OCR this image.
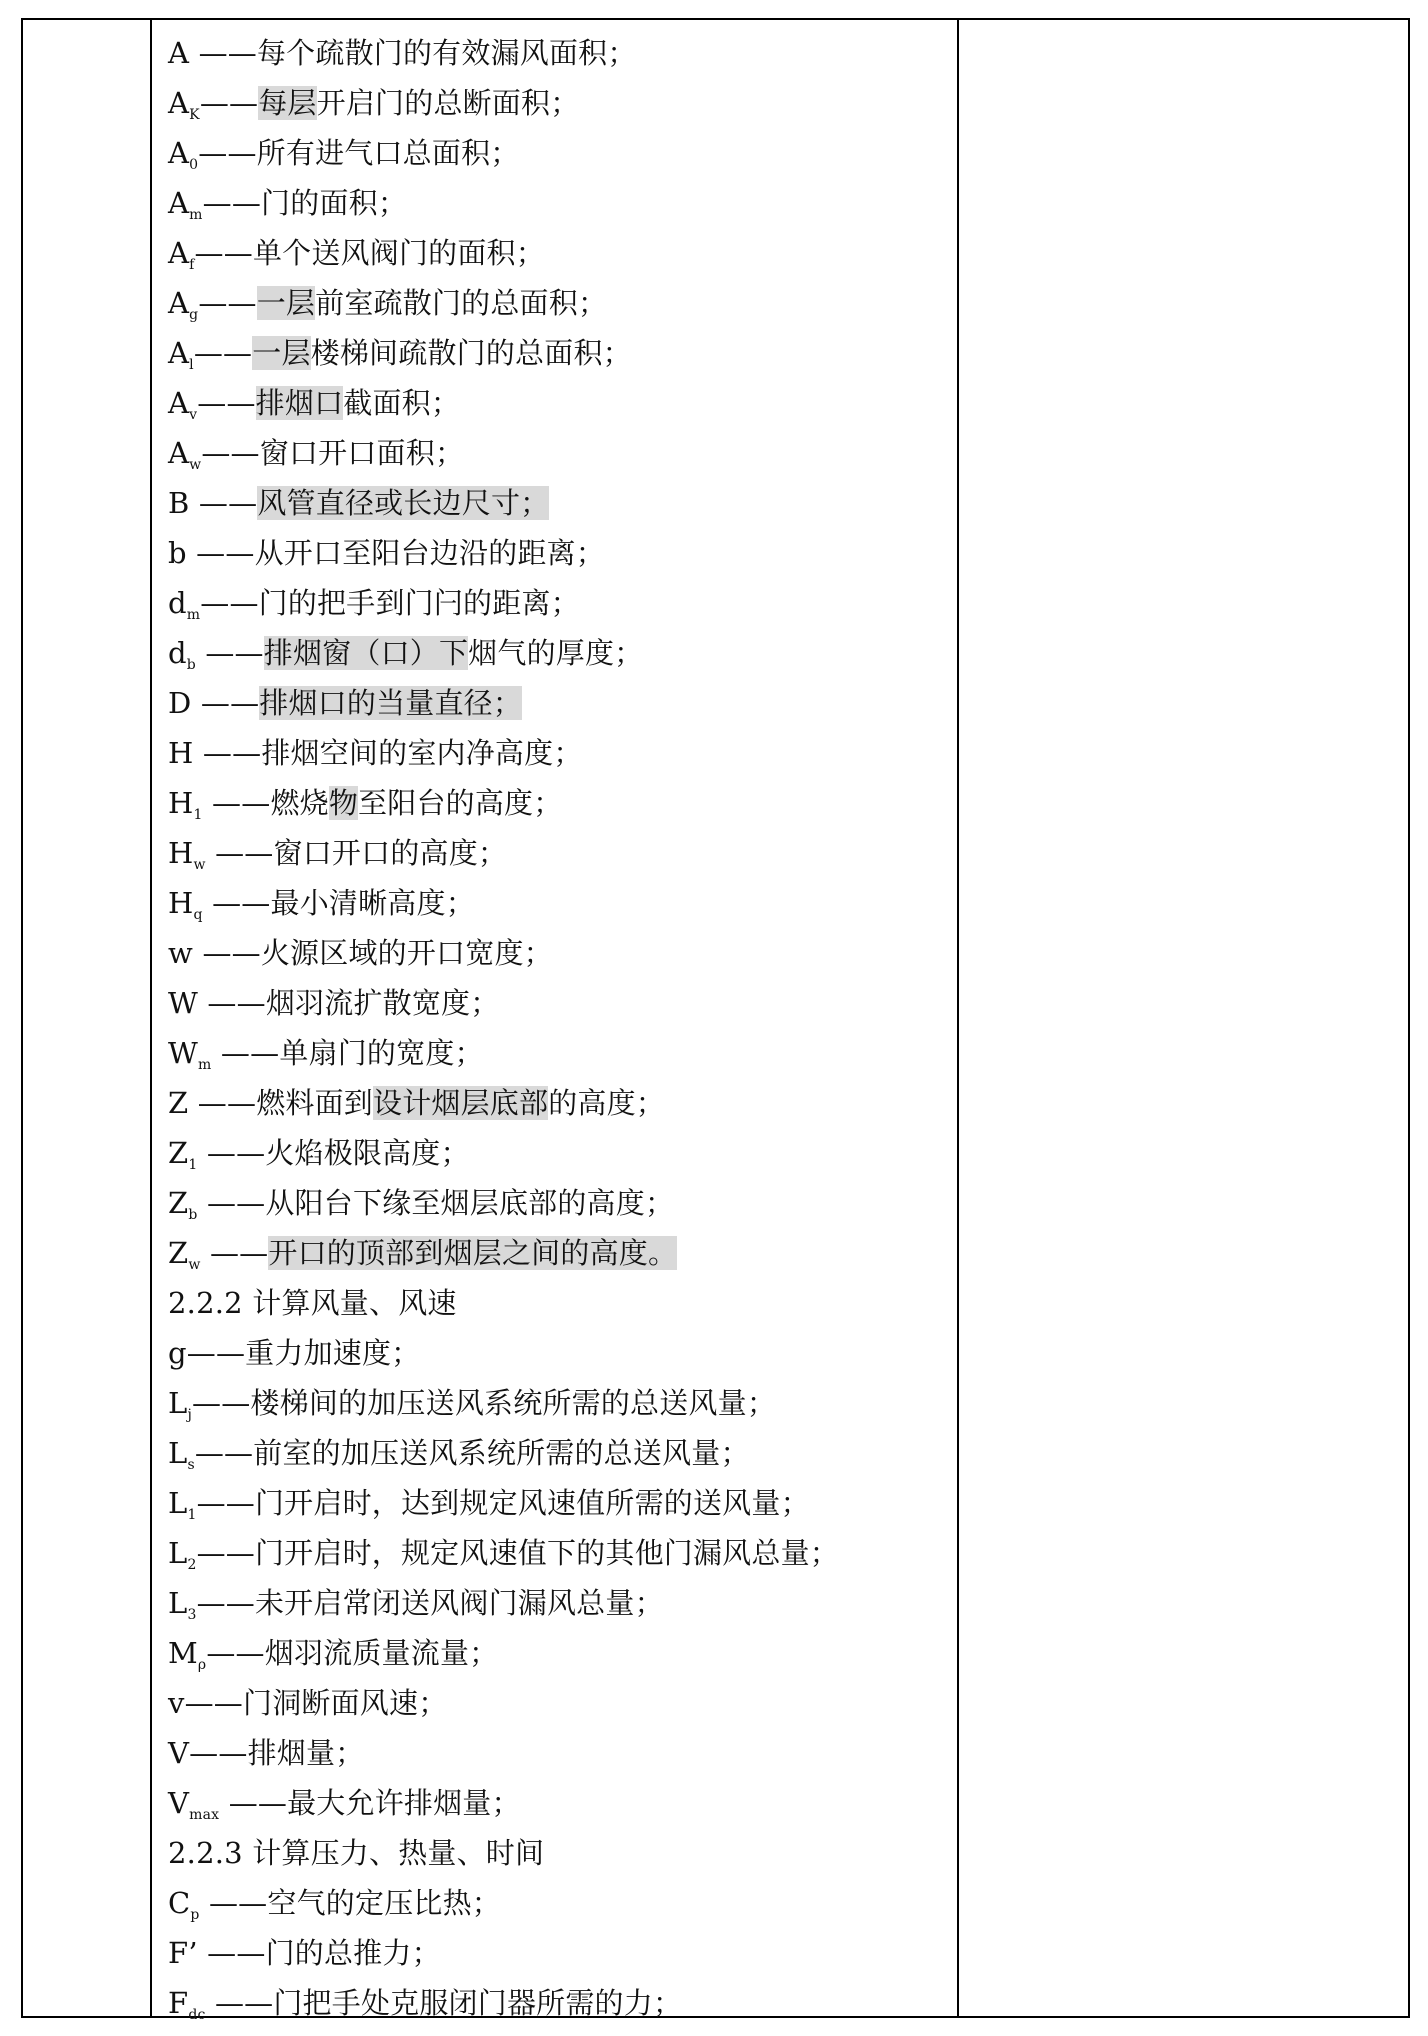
A ——每个疏散门的有效漏风面积；
$A_K——$每层开启门的总断面积；
$A_0——$所有进气口总面积；
$A_m——$门的面积；
$A_f——$单个送风阀门的面积；
$A_g——$一层前室疏散门的总面积；
$A_l——$一层楼梯间疏散门的总面积；
$A_v——$排烟口截面积；
$A_w——$窗口开口面积；
B ——风管直径或长边尺寸；
b ——从开口至阳台边沿的距离；
$d_m——$门的把手到门闩的距离；
$d_b$ ——排烟窗（口）下烟气的厚度；
D ——排烟口的当量直径；
H ——排烟空间的室内净高度；
$H_1$ ——燃烧物至阳台的高度；
$H_w$ ——窗口开口的高度；
$H_q$ ——最小清晰高度；
w ——火源区域的开口宽度；
W ——烟羽流扩散宽度；
$W_m$ ——单扇门的宽度；
Z ——燃料面到设计烟层底部的高度；
$Z_1$ ——火焰极限高度；
$Z_b$ ——从阳台下缘至烟层底部的高度；
$Z_w$ ——开口的顶部到烟层之间的高度。
2.2.2 计算风量、风速
g——重力加速度；
$L_j——$楼梯间的加压送风系统所需的总送风量；
$L_s——$前室的加压送风系统所需的总送风量；
$L_1——$门开启时，达到规定风速值所需的送风量；
$L_2——$门开启时，规定风速值下的其他门漏风总量；
$L_3——$未开启常闭送风阀门漏风总量；
$M_\rho——$烟羽流质量流量；
v——门洞断面风速；
V——排烟量；
$V_{max}$ ——最大允许排烟量；
2.2.3 计算压力、热量、时间
$C_p$ ——空气的定压比热；
F’ ——门的总推力；
$F_{dc}$ ——门把手处克服闭门器所需的力；
